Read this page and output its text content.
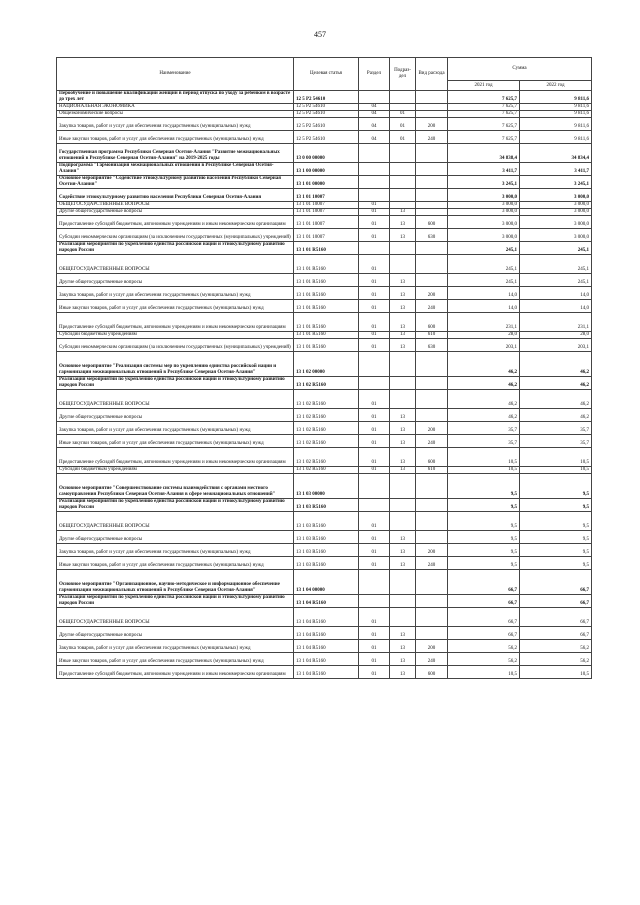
457
Наименование	Целевая статья	Раздел	Подраз-дел	Вид расхода	Сумма	
					2021 год	2022 год
Перообучение и повышение квалификации женщин в период отпуска по уходу за ребенком в возрасте до трех лет	12 5 P2 54610				7 625,7	9 811,6
НАЦИОНАЛЬНАЯ ЭКОНОМИКА	12 5 P2 54610	04			7 625,7	9 811,6
Общеэкономические вопросы	12 5 P2 54610	04	01		7 625,7	9 811,6
Закупка товаров, работ и услуг для обеспечения государственных (муниципальных) нужд	12 5 P2 54610	04	01	200	7 625,7	9 811,6
Иные закупки товаров, работ и услуг для обеспечения государственных (муниципальных) нужд	12 5 P2 54610	04	01	240	7 625,7	9 811,6
Государственная программа Республики Северная Осетия-Алания "Развитие межнациональных отношений в Республике Северная Осетия-Алания" на 2019-2025 годы	13 0 00 00000				34 838,4	34 834,4
Подпрограмма "Гармонизация межнациональных отношений в Республике Северная Осетия-Алания"	13 1 00 00000				3 411,7	3 411,7
Основное мероприятие "Содействие этнокультурному развитию населения Республики Северная Осетия-Алания"	13 1 01 00000				3 245,1	3 245,1
Содействие этнокультурному развитию населения Республики Северная Осетия-Алания	13 1 01 10007				3 000,0	3 000,0
ОБЩЕГОСУДАРСТВЕННЫЕ ВОПРОСЫ	13 1 01 10007	01			3 000,0	3 000,0
Другие общегосударственные вопросы	13 1 01 10007	01	13		3 000,0	3 000,0
Предоставление субсидий бюджетным, автономным учреждениям и иным некоммерческим организациям	13 1 01 10007	01	13	600	3 000,0	3 000,0
Субсидии некоммерческим организациям (за исключением государственных (муниципальных) учреждений)	13 1 01 10007	01	13	630	3 000,0	3 000,0
Реализация мероприятий по укреплению единства российской нации и этнокультурному развитию народов России	13 1 01 R5160				245,1	245,1
ОБЩЕГОСУДАРСТВЕННЫЕ ВОПРОСЫ	13 1 01 R5160	01			245,1	245,1
Другие общегосударственные вопросы	13 1 01 R5160	01	13		245,1	245,1
Закупка товаров, работ и услуг для обеспечения государственных (муниципальных) нужд	13 1 01 R5160	01	13	200	14,0	14,0
Иные закупки товаров, работ и услуг для обеспечения государственных (муниципальных) нужд	13 1 01 R5160	01	13	240	14,0	14,0
Предоставление субсидий бюджетным, автономным учреждениям и иным некоммерческим организациям	13 1 01 R5160	01	13	600	231,1	231,1
Субсидии бюджетным учреждениям	13 1 01 R5160	01	13	610	28,0	28,0
Субсидии некоммерческим организациям (за исключением государственных (муниципальных) учреждений)	13 1 01 R5160	01	13	630	203,1	203,1
Основное мероприятие "Реализация системы мер по укреплению единства российской нации и гармонизации межнациональных отношений в Республике Северная Осетия-Алания"	13 1 02 00000				46,2	46,2
Реализация мероприятий по укреплению единства российской нации и этнокультурному развитию народов России	13 1 02 R5160				46,2	46,2
ОБЩЕГОСУДАРСТВЕННЫЕ ВОПРОСЫ	13 1 02 R5160	01			46,2	46,2
Другие общегосударственные вопросы	13 1 02 R5160	01	13		46,2	46,2
Закупка товаров, работ и услуг для обеспечения государственных (муниципальных) нужд	13 1 02 R5160	01	13	200	35,7	35,7
Иные закупки товаров, работ и услуг для обеспечения государственных (муниципальных) нужд	13 1 02 R5160	01	13	240	35,7	35,7
Предоставление субсидий бюджетным, автономным учреждениям и иным некоммерческим организациям	13 1 02 R5160	01	13	600	10,5	10,5
Субсидии бюджетным учреждениям	13 1 02 R5160	01	13	610	10,5	10,5
Основное мероприятие "Совершенствование системы взаимодействия с органами местного самоуправления Республики Северная Осетия-Алания в сфере межнациональных отношений"	13 1 03 00000				9,5	9,5
Реализация мероприятий по укреплению единства российской нации и этнокультурному развитию народов России	13 1 03 R5160				9,5	9,5
ОБЩЕГОСУДАРСТВЕННЫЕ ВОПРОСЫ	13 1 03 R5160	01			9,5	9,5
Другие общегосударственные вопросы	13 1 03 R5160	01	13		9,5	9,5
Закупка товаров, работ и услуг для обеспечения государственных (муниципальных) нужд	13 1 03 R5160	01	13	200	9,5	9,5
Иные закупки товаров, работ и услуг для обеспечения государственных (муниципальных) нужд	13 1 03 R5160	01	13	240	9,5	9,5
Основное мероприятие "Организационное, научно-методическое и информационное обеспечение гармонизации межнациональных отношений в Республике Северная Осетия-Алания"	13 1 04 00000				66,7	66,7
Реализация мероприятий по укреплению единства российской нации и этнокультурному развитию народов России	13 1 04 R5160				66,7	66,7
ОБЩЕГОСУДАРСТВЕННЫЕ ВОПРОСЫ	13 1 04 R5160	01			66,7	66,7
Другие общегосударственные вопросы	13 1 04 R5160	01	13		66,7	66,7
Закупка товаров, работ и услуг для обеспечения государственных (муниципальных) нужд	13 1 04 R5160	01	13	200	56,2	56,2
Иные закупки товаров, работ и услуг для обеспечения государственных (муниципальных) нужд	13 1 04 R5160	01	13	240	56,2	56,2
Предоставление субсидий бюджетным, автономным учреждениям и иным некоммерческим организациям	13 1 04 R5160	01	13	600	10,5	10,5
